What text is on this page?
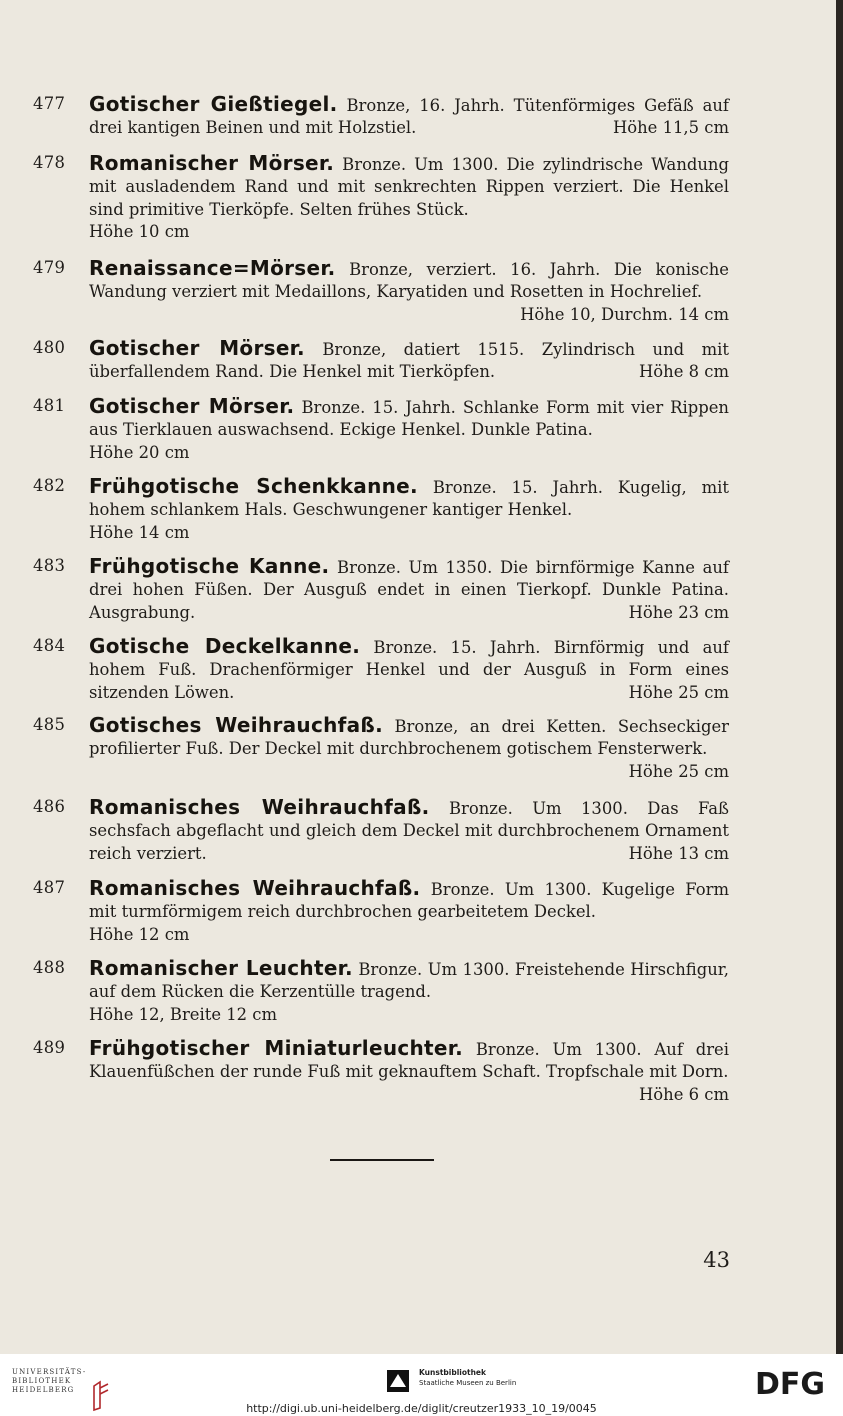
477	Gotischer Gießtiegel. Bronze, 16. Jahrh. Tütenförmiges Gefäß auf drei kantigen Beinen und mit Holzstiel.	Höhe 11,5 cm
478	Romanischer Mörser. Bronze. Um 1300. Die zylindrische Wandung mit ausladendem Rand und mit senkrechten Rippen verziert. Die Henkel sind primitive Tierköpfe. Selten frühes Stück.
Höhe 10 cm
479	Renaissance=Mörser. Bronze, verziert. 16. Jahrh. Die konische Wandung verziert mit Medaillons, Karyatiden und Rosetten in Hochrelief.
Höhe 10, Durchm. 14 cm
480	Gotischer Mörser. Bronze, datiert 1515. Zylindrisch und mit überfallendem Rand. Die Henkel mit Tierköpfen.	Höhe 8 cm
481	Gotischer Mörser. Bronze. 15. Jahrh. Schlanke Form mit vier Rippen aus Tierklauen auswachsend. Eckige Henkel. Dunkle Patina.
Höhe 20 cm
482	Frühgotische Schenkkanne. Bronze. 15. Jahrh. Kugelig, mit hohem schlankem Hals. Geschwungener kantiger Henkel.
Höhe 14 cm
483	Frühgotische Kanne. Bronze. Um 1350. Die birnförmige Kanne auf drei hohen Füßen. Der Ausguß endet in einen Tierkopf. Dunkle Patina. Ausgrabung.	Höhe 23 cm
484	Gotische Deckelkanne. Bronze. 15. Jahrh. Birnförmig und auf hohem Fuß. Drachenförmiger Henkel und der Ausguß in Form eines sitzenden Löwen.	Höhe 25 cm
485	Gotisches Weihrauchfaß. Bronze, an drei Ketten. Sechseckiger profilierter Fuß. Der Deckel mit durchbrochenem gotischem Fensterwerk.
Höhe 25 cm
486	Romanisches Weihrauchfaß. Bronze. Um 1300. Das Faß sechsfach abgeflacht und gleich dem Deckel mit durchbrochenem Ornament reich verziert.	Höhe 13 cm
487	Romanisches Weihrauchfaß. Bronze. Um 1300. Kugelige Form mit turmförmigem reich durchbrochen gearbeitetem Deckel.
Höhe 12 cm
488	Romanischer Leuchter. Bronze. Um 1300. Freistehende Hirschfigur, auf dem Rücken die Kerzentülle tragend.
Höhe 12, Breite 12 cm
489	Frühgotischer Miniaturleuchter. Bronze. Um 1300. Auf drei Klauenfüßchen der runde Fuß mit geknauftem Schaft. Tropfschale mit Dorn.
Höhe 6 cm
43
UNIVERSITÄTS-
BIBLIOTHEK
HEIDELBERG
Kunstbibliothek
Staatliche Museen zu Berlin	DFG
http://digi.ub.uni-heidelberg.de/diglit/creutzer1933_10_19/0045
